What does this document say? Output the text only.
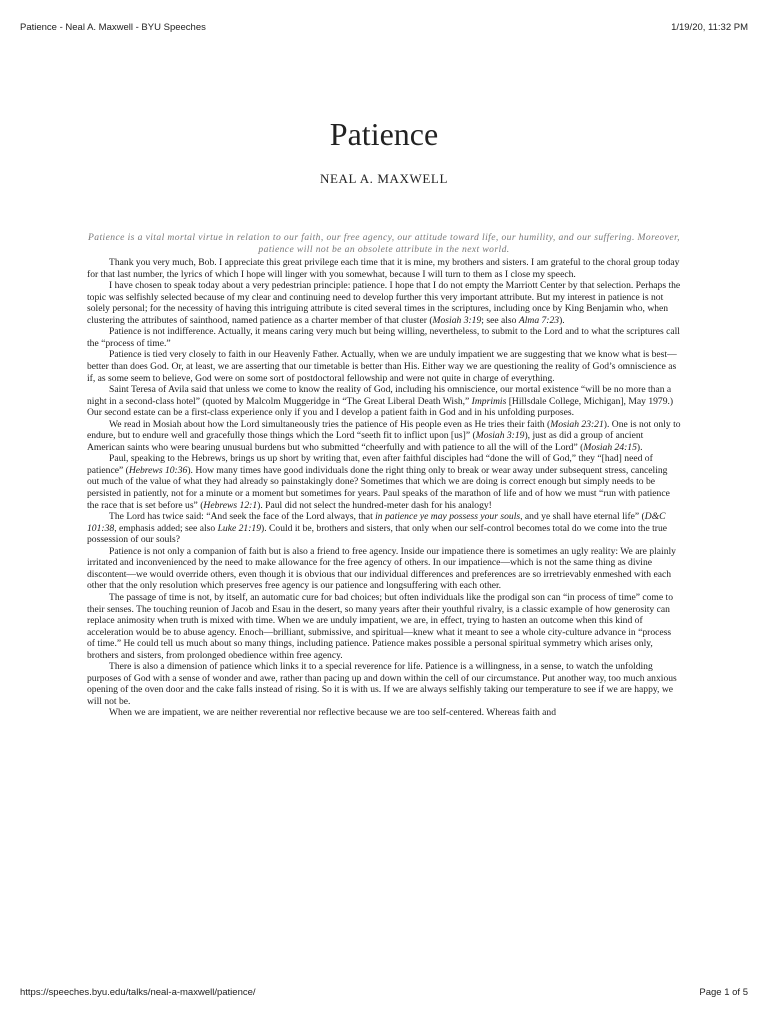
Patience - Neal A. Maxwell - BYU Speeches	1/19/20, 11:32 PM
Patience
NEAL A. MAXWELL

Patience is a vital mortal virtue in relation to our faith, our free agency, our attitude toward life, our humility, and our suffering. Moreover, patience will not be an obsolete attribute in the next world.

Thank you very much, Bob. I appreciate this great privilege each time that it is mine, my brothers and sisters. I am grateful to the choral group today for that last number, the lyrics of which I hope will linger with you somewhat, because I will turn to them as I close my speech.

I have chosen to speak today about a very pedestrian principle: patience. I hope that I do not empty the Marriott Center by that selection. Perhaps the topic was selfishly selected because of my clear and continuing need to develop further this very important attribute. But my interest in patience is not solely personal; for the necessity of having this intriguing attribute is cited several times in the scriptures, including once by King Benjamin who, when clustering the attributes of sainthood, named patience as a charter member of that cluster (Mosiah 3:19; see also Alma 7:23).

Patience is not indifference. Actually, it means caring very much but being willing, nevertheless, to submit to the Lord and to what the scriptures call the “process of time.”

Patience is tied very closely to faith in our Heavenly Father. Actually, when we are unduly impatient we are suggesting that we know what is best—better than does God. Or, at least, we are asserting that our timetable is better than His. Either way we are questioning the reality of God’s omniscience as if, as some seem to believe, God were on some sort of postdoctoral fellowship and were not quite in charge of everything.

Saint Teresa of Avila said that unless we come to know the reality of God, including his omniscience, our mortal existence “will be no more than a night in a second-class hotel” (quoted by Malcolm Muggeridge in “The Great Liberal Death Wish,” Imprimis [Hillsdale College, Michigan], May 1979.) Our second estate can be a first-class experience only if you and I develop a patient faith in God and in his unfolding purposes.

We read in Mosiah about how the Lord simultaneously tries the patience of His people even as He tries their faith (Mosiah 23:21). One is not only to endure, but to endure well and gracefully those things which the Lord “seeth fit to inflict upon [us]” (Mosiah 3:19), just as did a group of ancient American saints who were bearing unusual burdens but who submitted “cheerfully and with patience to all the will of the Lord” (Mosiah 24:15).

Paul, speaking to the Hebrews, brings us up short by writing that, even after faithful disciples had “done the will of God,” they “[had] need of patience” (Hebrews 10:36). How many times have good individuals done the right thing only to break or wear away under subsequent stress, canceling out much of the value of what they had already so painstakingly done? Sometimes that which we are doing is correct enough but simply needs to be persisted in patiently, not for a minute or a moment but sometimes for years. Paul speaks of the marathon of life and of how we must “run with patience the race that is set before us” (Hebrews 12:1). Paul did not select the hundred-meter dash for his analogy!

The Lord has twice said: “And seek the face of the Lord always, that in patience ye may possess your souls, and ye shall have eternal life” (D&C 101:38, emphasis added; see also Luke 21:19). Could it be, brothers and sisters, that only when our self-control becomes total do we come into the true possession of our souls?

Patience is not only a companion of faith but is also a friend to free agency. Inside our impatience there is sometimes an ugly reality: We are plainly irritated and inconvenienced by the need to make allowance for the free agency of others. In our impatience—which is not the same thing as divine discontent—we would override others, even though it is obvious that our individual differences and preferences are so irretrievably enmeshed with each other that the only resolution which preserves free agency is our patience and longsuffering with each other.

The passage of time is not, by itself, an automatic cure for bad choices; but often individuals like the prodigal son can “in process of time” come to their senses. The touching reunion of Jacob and Esau in the desert, so many years after their youthful rivalry, is a classic example of how generosity can replace animosity when truth is mixed with time. When we are unduly impatient, we are, in effect, trying to hasten an outcome when this kind of acceleration would be to abuse agency. Enoch—brilliant, submissive, and spiritual—knew what it meant to see a whole city-culture advance in “process of time.” He could tell us much about so many things, including patience. Patience makes possible a personal spiritual symmetry which arises only, brothers and sisters, from prolonged obedience within free agency.

There is also a dimension of patience which links it to a special reverence for life. Patience is a willingness, in a sense, to watch the unfolding purposes of God with a sense of wonder and awe, rather than pacing up and down within the cell of our circumstance. Put another way, too much anxious opening of the oven door and the cake falls instead of rising. So it is with us. If we are always selfishly taking our temperature to see if we are happy, we will not be.

When we are impatient, we are neither reverential nor reflective because we are too self-centered. Whereas faith and

https://speeches.byu.edu/talks/neal-a-maxwell/patience/	Page 1 of 5
